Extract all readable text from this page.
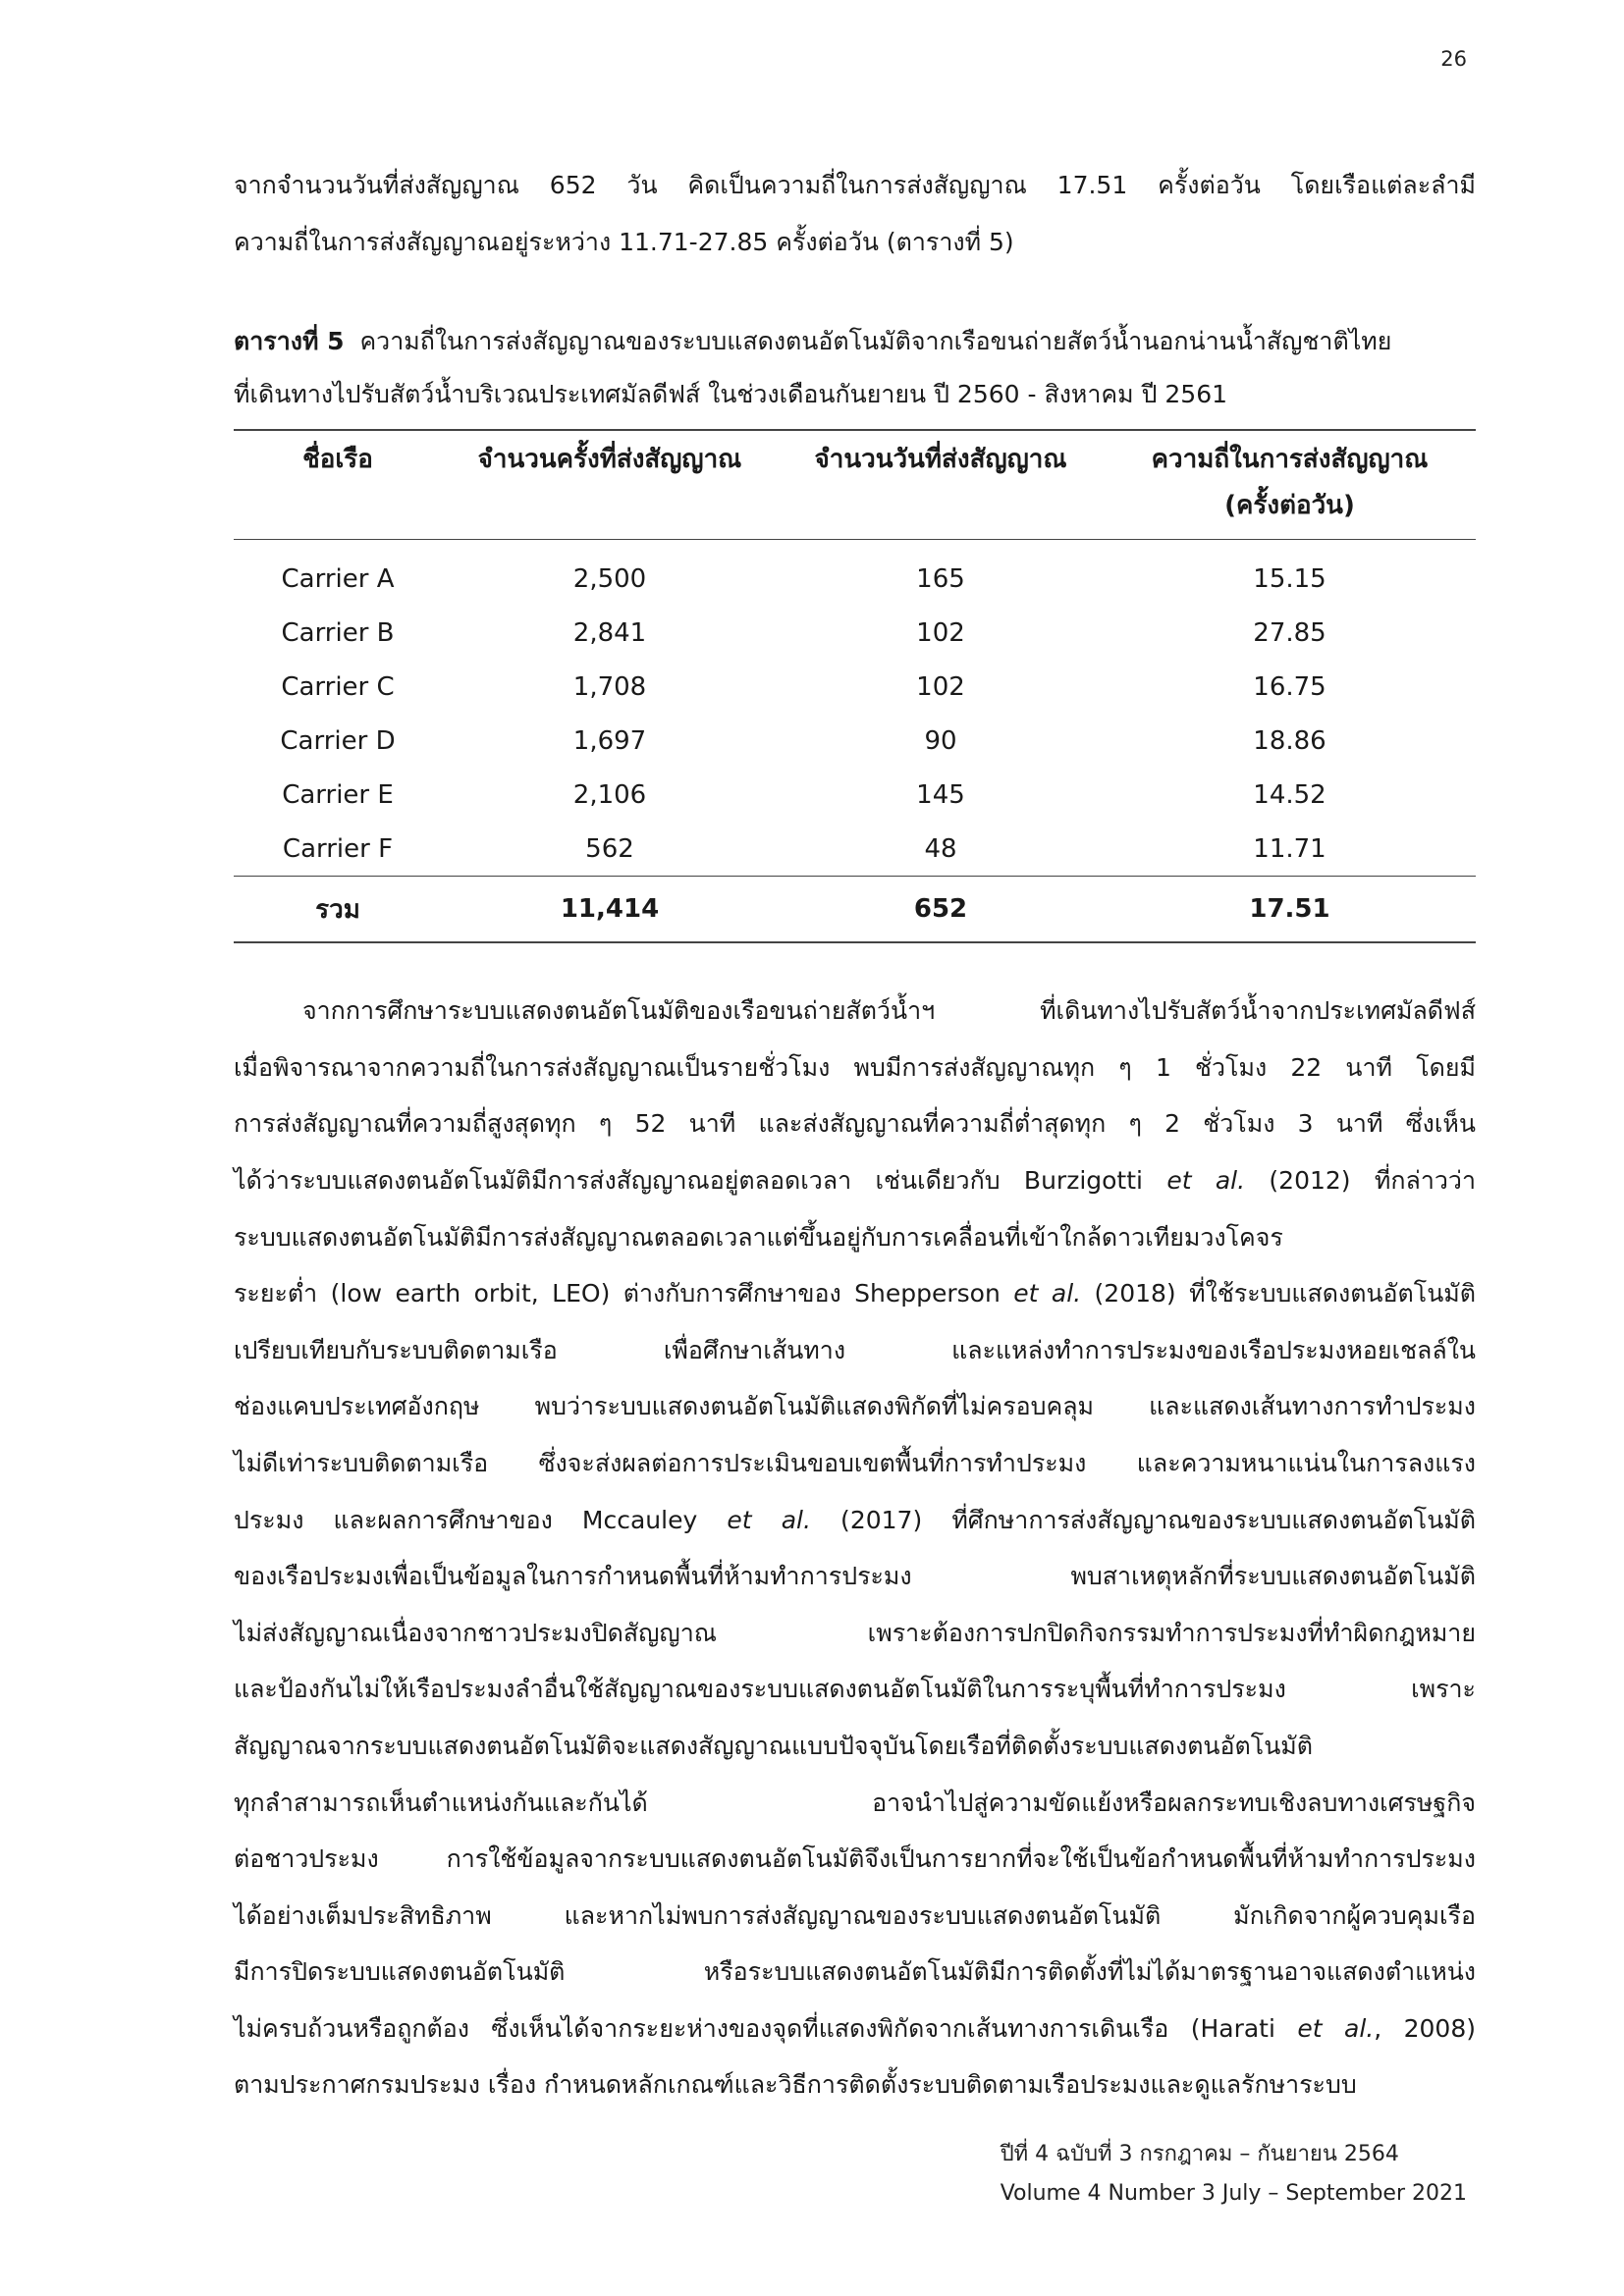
26

จากจำนวนวันที่ส่งสัญญาณ 652 วัน คิดเป็นความถี่ในการส่งสัญญาณ 17.51 ครั้งต่อวัน โดยเรือแต่ละลำมี
ความถี่ในการส่งสัญญาณอยู่ระหว่าง 11.71-27.85 ครั้งต่อวัน (ตารางที่ 5)

ตารางที่ 5 ความถี่ในการส่งสัญญาณของระบบแสดงตนอัตโนมัติจากเรือขนถ่ายสัตว์น้ำนอกน่านน้ำสัญชาติไทย
ที่เดินทางไปรับสัตว์น้ำบริเวณประเทศมัลดีฟส์ ในช่วงเดือนกันยายน ปี 2560 - สิงหาคม ปี 2561
ชื่อเรือ	จำนวนครั้งที่ส่งสัญญาณ	จำนวนวันที่ส่งสัญญาณ	ความถี่ในการส่งสัญญาณ
			(ครั้งต่อวัน)
Carrier A	2,500	165	15.15
Carrier B	2,841	102	27.85
Carrier C	1,708	102	16.75
Carrier D	1,697	90	18.86
Carrier E	2,106	145	14.52
Carrier F	562	48	11.71
รวม	11,414	652	17.51

จากการศึกษาระบบแสดงตนอัตโนมัติของเรือขนถ่ายสัตว์น้ำฯ ที่เดินทางไปรับสัตว์น้ำจากประเทศมัลดีฟส์
เมื่อพิจารณาจากความถี่ในการส่งสัญญาณเป็นรายชั่วโมง พบมีการส่งสัญญาณทุก ๆ 1 ชั่วโมง 22 นาที โดยมี
การส่งสัญญาณที่ความถี่สูงสุดทุก ๆ 52 นาที และส่งสัญญาณที่ความถี่ต่ำสุดทุก ๆ 2 ชั่วโมง 3 นาที ซึ่งเห็น
ได้ว่าระบบแสดงตนอัตโนมัติมีการส่งสัญญาณอยู่ตลอดเวลา เช่นเดียวกับ Burzigotti et al. (2012) ที่กล่าวว่า
ระบบแสดงตนอัตโนมัติมีการส่งสัญญาณตลอดเวลาแต่ขึ้นอยู่กับการเคลื่อนที่เข้าใกล้ดาวเทียมวงโคจร
ระยะต่ำ (low earth orbit, LEO) ต่างกับการศึกษาของ Shepperson et al. (2018) ที่ใช้ระบบแสดงตนอัตโนมัติ
เปรียบเทียบกับระบบติดตามเรือ เพื่อศึกษาเส้นทาง และแหล่งทำการประมงของเรือประมงหอยเชลล์ใน
ช่องแคบประเทศอังกฤษ พบว่าระบบแสดงตนอัตโนมัติแสดงพิกัดที่ไม่ครอบคลุม และแสดงเส้นทางการทำประมง
ไม่ดีเท่าระบบติดตามเรือ ซึ่งจะส่งผลต่อการประเมินขอบเขตพื้นที่การทำประมง และความหนาแน่นในการลงแรง
ประมง และผลการศึกษาของ Mccauley et al. (2017) ที่ศึกษาการส่งสัญญาณของระบบแสดงตนอัตโนมัติ
ของเรือประมงเพื่อเป็นข้อมูลในการกำหนดพื้นที่ห้ามทำการประมง พบสาเหตุหลักที่ระบบแสดงตนอัตโนมัติ
ไม่ส่งสัญญาณเนื่องจากชาวประมงปิดสัญญาณ เพราะต้องการปกปิดกิจกรรมทำการประมงที่ทำผิดกฎหมาย
และป้องกันไม่ให้เรือประมงลำอื่นใช้สัญญาณของระบบแสดงตนอัตโนมัติในการระบุพื้นที่ทำการประมง เพราะ
สัญญาณจากระบบแสดงตนอัตโนมัติจะแสดงสัญญาณแบบปัจจุบันโดยเรือที่ติดตั้งระบบแสดงตนอัตโนมัติ
ทุกลำสามารถเห็นตำแหน่งกันและกันได้ อาจนำไปสู่ความขัดแย้งหรือผลกระทบเชิงลบทางเศรษฐกิจ
ต่อชาวประมง การใช้ข้อมูลจากระบบแสดงตนอัตโนมัติจึงเป็นการยากที่จะใช้เป็นข้อกำหนดพื้นที่ห้ามทำการประมง
ได้อย่างเต็มประสิทธิภาพ และหากไม่พบการส่งสัญญาณของระบบแสดงตนอัตโนมัติ มักเกิดจากผู้ควบคุมเรือ
มีการปิดระบบแสดงตนอัตโนมัติ หรือระบบแสดงตนอัตโนมัติมีการติดตั้งที่ไม่ได้มาตรฐานอาจแสดงตำแหน่ง
ไม่ครบถ้วนหรือถูกต้อง ซึ่งเห็นได้จากระยะห่างของจุดที่แสดงพิกัดจากเส้นทางการเดินเรือ (Harati et al., 2008)
ตามประกาศกรมประมง เรื่อง กำหนดหลักเกณฑ์และวิธีการติดตั้งระบบติดตามเรือประมงและดูแลรักษาระบบ

ปีที่ 4 ฉบับที่ 3 กรกฎาคม – กันยายน 2564
Volume 4 Number 3 July – September 2021
